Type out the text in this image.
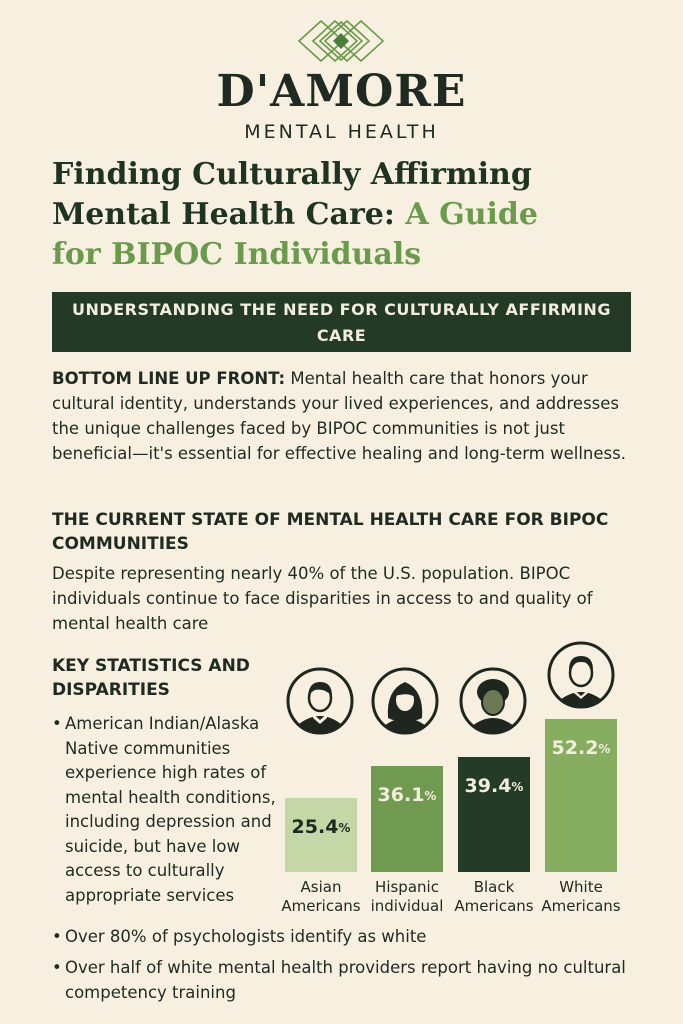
D'AMORE
MENTAL HEALTH
Finding Culturally Affirming
Mental Health Care: A Guide
for BIPOC Individuals
UNDERSTANDING THE NEED FOR CULTURALLY AFFIRMING
CARE
BOTTOM LINE UP FRONT: Mental health care that honors your cultural identity, understands your lived experiences, and addresses the unique challenges faced by BIPOC communities is not just beneficial—it's essential for effective healing and long-term wellness.
THE CURRENT STATE OF MENTAL HEALTH CARE FOR BIPOC COMMUNITIES
Despite representing nearly 40% of the U.S. population. BIPOC individuals continue to face disparities in access to and quality of mental health care
KEY STATISTICS AND DISPARITIES
• American Indian/Alaska Native communities experience high rates of mental health conditions, including depression and suicide, but have low access to culturally appropriate services
25.4 %
36.1 % 39.4 %
52.2 %
Asian
Americans
Hispanic
individual
Black
Americans
White
Americans
• Over 80% of psychologists identify as white
• Over half of white mental health providers report having no cultural competency training
